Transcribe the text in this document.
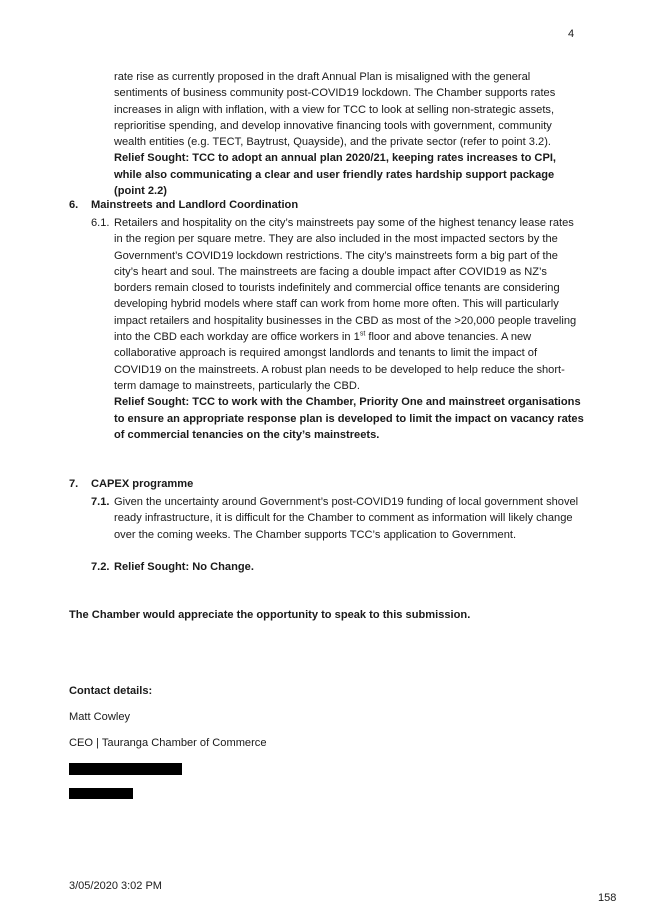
4
rate rise as currently proposed in the draft Annual Plan is misaligned with the general sentiments of business community post-COVID19 lockdown. The Chamber supports rates increases in align with inflation, with a view for TCC to look at selling non-strategic assets, reprioritise spending, and develop innovative financing tools with government, community wealth entities (e.g. TECT, Baytrust, Quayside), and the private sector (refer to point 3.2).
Relief Sought: TCC to adopt an annual plan 2020/21, keeping rates increases to CPI, while also communicating a clear and user friendly rates hardship support package (point 2.2)
6. Mainstreets and Landlord Coordination
6.1. Retailers and hospitality on the city’s mainstreets pay some of the highest tenancy lease rates in the region per square metre. They are also included in the most impacted sectors by the Government’s COVID19 lockdown restrictions. The city’s mainstreets form a big part of the city’s heart and soul. The mainstreets are facing a double impact after COVID19 as NZ’s borders remain closed to tourists indefinitely and commercial office tenants are considering developing hybrid models where staff can work from home more often. This will particularly impact retailers and hospitality businesses in the CBD as most of the >20,000 people traveling into the CBD each workday are office workers in 1st floor and above tenancies. A new collaborative approach is required amongst landlords and tenants to limit the impact of COVID19 on the mainstreets. A robust plan needs to be developed to help reduce the short-term damage to mainstreets, particularly the CBD.
Relief Sought: TCC to work with the Chamber, Priority One and mainstreet organisations to ensure an appropriate response plan is developed to limit the impact on vacancy rates of commercial tenancies on the city’s mainstreets.
7. CAPEX programme
7.1. Given the uncertainty around Government’s post-COVID19 funding of local government shovel ready infrastructure, it is difficult for the Chamber to comment as information will likely change over the coming weeks. The Chamber supports TCC’s application to Government.
7.2. Relief Sought: No Change.
The Chamber would appreciate the opportunity to speak to this submission.
Contact details:
Matt Cowley
CEO | Tauranga Chamber of Commerce
3/05/2020 3:02 PM
158
